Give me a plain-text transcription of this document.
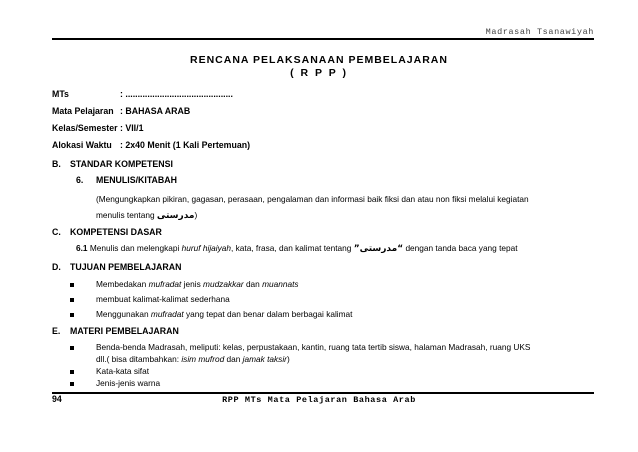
Madrasah Tsanawiyah
RENCANA PELAKSANAAN PEMBELAJARAN
( R P P )
MTs	: ............................................
Mata Pelajaran : BAHASA ARAB
Kelas/Semester : VII/1
Alokasi Waktu : 2x40 Menit (1 Kali Pertemuan)
B. STANDAR KOMPETENSI
6. MENULIS/KITABAH
(Mengungkapkan pikiran, gagasan, perasaan, pengalaman dan informasi baik fiksi dan atau non fiksi melalui kegiatan
menulis tentang مدرستى)
C. KOMPETENSI DASAR
6.1 Menulis dan melengkapi huruf hijaiyah, kata, frasa, dan kalimat tentang “مدرستى” dengan tanda baca yang tepat
D. TUJUAN PEMBELAJARAN
Membedakan mufradat jenis mudzakkar dan muannats
membuat kalimat-kalimat sederhana
Menggunakan mufradat yang tepat dan benar dalam berbagai kalimat
E. MATERI PEMBELAJARAN
Benda-benda Madrasah, meliputi: kelas, perpustakaan, kantin, ruang tata tertib siswa, halaman Madrasah, ruang UKS
dll.( bisa ditambahkan: isim mufrod dan jamak taksir)
Kata-kata sifat
Jenis-jenis warna
94	RPP MTs Mata Pelajaran Bahasa Arab
